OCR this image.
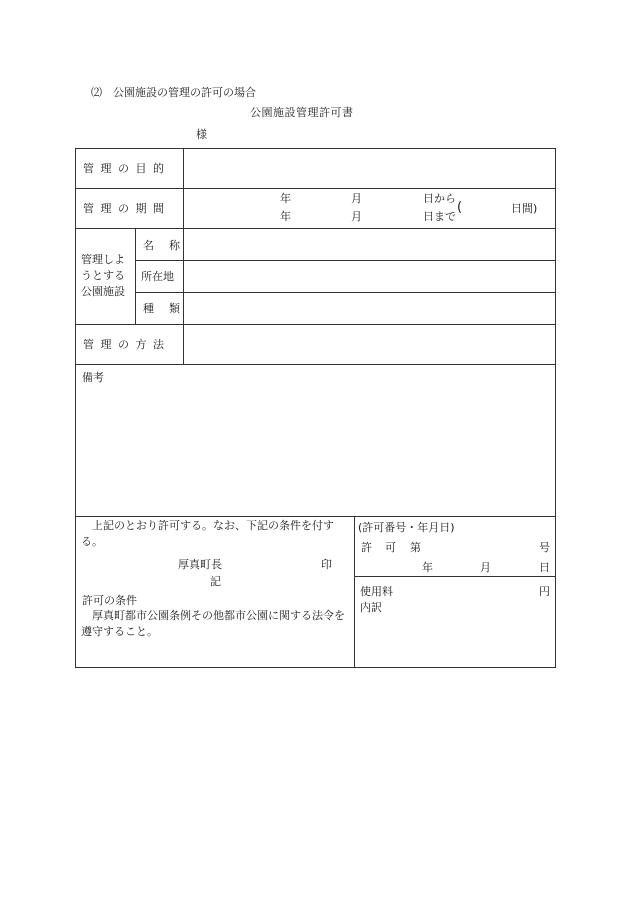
⑵　公園施設の管理の許可の場合
公園施設管理許可書
様
管理の目的
管理の期間
年	月	日から
年	月	日まで
(	日間)
管理しようとする公園施設
名　称
所在地
種　類
管理の方法
備考
　上記のとおり許可する。なお、下記の条件を付する。
厚真町長	印
記
許可の条件
　厚真町都市公園条例その他都市公園に関する法令を遵守すること。
(許可番号・年月日)
許 可 第	号
年	月	日
使用料	円
内訳
